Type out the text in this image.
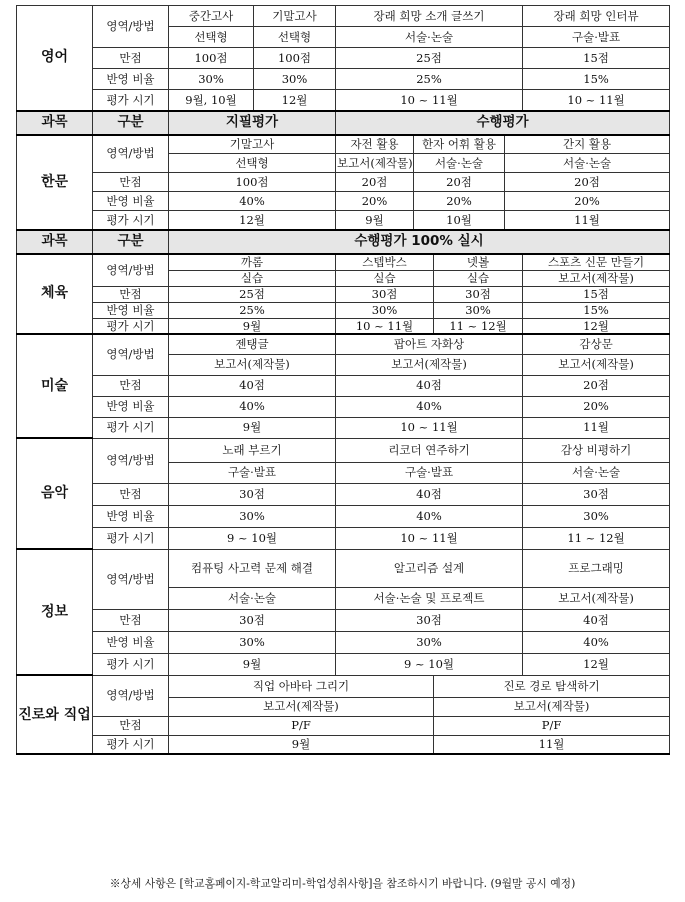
영어	영역/방법	중간고사	기말고사	장래 희망 소개 글쓰기				장래 희망 인터뷰
		선택형	선택형	서술·논술				구술·발표
	만점	100점	100점	25점				15점
	반영 비율	30%	30%	25%				15%
	평가 시기	9월, 10월	12월	10 ~ 11월				10 ~ 11월

과목	구분	지필평가		수행평가				
한문	영역/방법	기말고사		자전 활용	한자 어휘 활용		간지 활용	
		선택형		보고서(제작물)	서술·논술		서술·논술	
	만점	100점		20점	20점		20점	
	반영 비율	40%		20%	20%		20%	
	평가 시기	12월		9월	10월		11월	

과목	구분	수행평가 100% 실시						
체육	영역/방법	까롬		스텝박스		넷볼		스포츠 신문 만들기
		실습		실습		실습		보고서(제작물)
	만점	25점		30점		30점		15점
	반영 비율	25%		30%		30%		15%
	평가 시기	9월		10 ~ 11월		11 ~ 12월		12월

미술	영역/방법	젠탱글		팝아트 자화상				감상문
		보고서(제작물)		보고서(제작물)				보고서(제작물)
	만점	40점		40점				20점
	반영 비율	40%		40%				20%
	평가 시기	9월		10 ~ 11월				11월

음악	영역/방법	노래 부르기		리코더 연주하기				감상 비평하기
		구술·발표		구술·발표				서술·논술
	만점	30점		40점				30점
	반영 비율	30%		40%				30%
	평가 시기	9 ~ 10월		10 ~ 11월				11 ~ 12월

정보	영역/방법	컴퓨팅 사고력 문제 해결		알고리즘 설계				프로그래밍
		서술·논술		서술·논술 및 프로젝트				보고서(제작물)
	만점	30점		30점				40점
	반영 비율	30%		30%				40%
	평가 시기	9월		9 ~ 10월				12월

진로와 직업	영역/방법	직업 아바타 그리기				진로 경로 탐색하기		
		보고서(제작물)				보고서(제작물)		
	만점	P/F				P/F		
	평가 시기	9월				11월		
※상세 사항은 [학교홈페이지-학교알리미-학업성취사항]을 참조하시기 바랍니다. (9월말 공시 예정)
